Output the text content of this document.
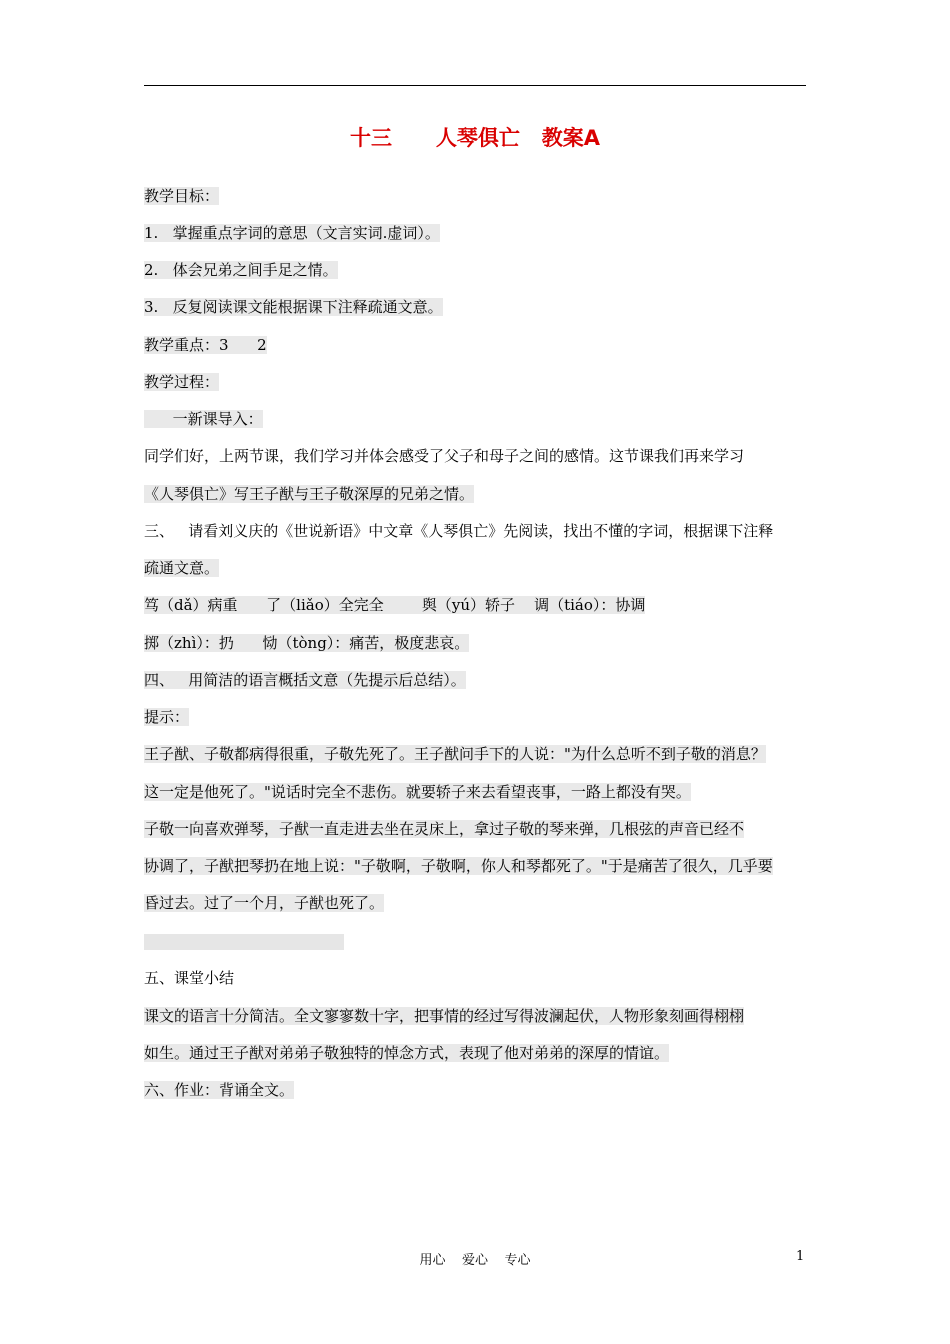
十三      人琴俱亡   教案A
教学目标：
1.   掌握重点字词的意思（文言实词.虚词）。
2.   体会兄弟之间手足之情。
3.   反复阅读课文能根据课下注释疏通文意。
教学重点：3      2
教学过程：
一新课导入：
同学们好，上两节课，我们学习并体会感受了父子和母子之间的感情。这节课我们再来学习
《人琴俱亡》写王子猷与王子敬深厚的兄弟之情。
三、   请看刘义庆的《世说新语》中文章《人琴俱亡》先阅读，找出不懂的字词，根据课下注释
疏通文意。
笃（dǎ）病重      了（liǎo）全完全        舆（yú）轿子    调（tiáo）：协调
掷（zhì）：扔      恸（tòng）：痛苦，极度悲哀。
四、   用简洁的语言概括文意（先提示后总结）。
提示：
王子猷、子敬都病得很重，子敬先死了。王子猷问手下的人说："为什么总听不到子敬的消息？
这一定是他死了。"说话时完全不悲伤。就要轿子来去看望丧事，一路上都没有哭。
子敬一向喜欢弹琴，子猷一直走进去坐在灵床上，拿过子敬的琴来弹，几根弦的声音已经不
协调了，子猷把琴扔在地上说："子敬啊，子敬啊，你人和琴都死了。"于是痛苦了很久，几乎要
昏过去。过了一个月，子猷也死了。
五、课堂小结
课文的语言十分简洁。全文寥寥数十字，把事情的经过写得波澜起伏，人物形象刻画得栩栩
如生。通过王子猷对弟弟子敬独特的悼念方式，表现了他对弟弟的深厚的情谊。
六、作业：背诵全文。
用心    爱心    专心	1
